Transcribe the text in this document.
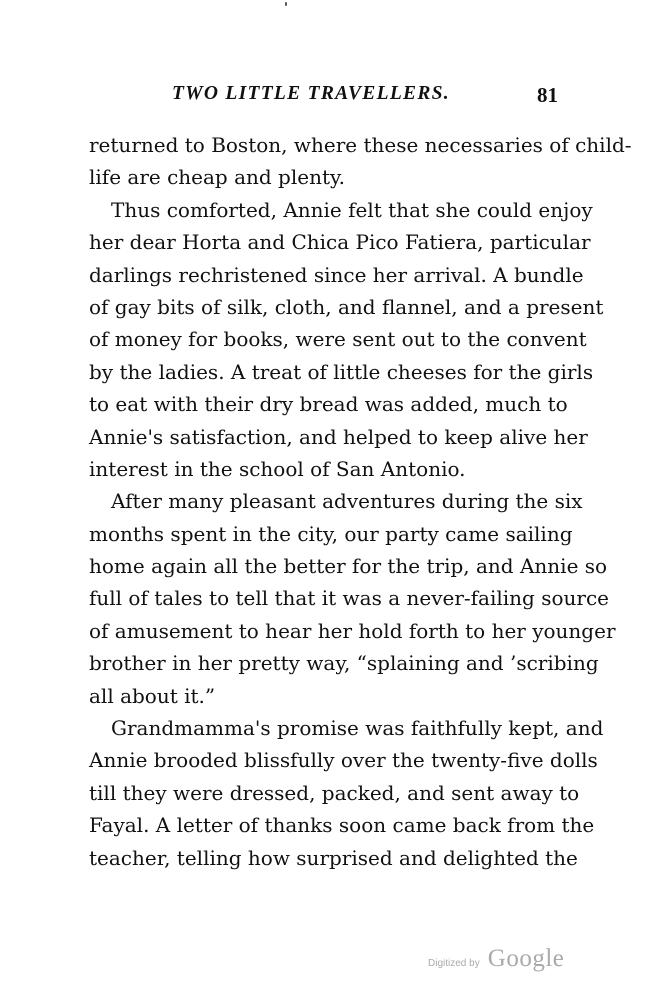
TWO LITTLE TRAVELLERS.	81
returned to Boston, where these necessaries of child-
life are cheap and plenty.
Thus comforted, Annie felt that she could enjoy
her dear Horta and Chica Pico Fatiera, particular
darlings rechristened since her arrival. A bundle
of gay bits of silk, cloth, and flannel, and a present
of money for books, were sent out to the convent
by the ladies. A treat of little cheeses for the girls
to eat with their dry bread was added, much to
Annie's satisfaction, and helped to keep alive her
interest in the school of San Antonio.
After many pleasant adventures during the six
months spent in the city, our party came sailing
home again all the better for the trip, and Annie so
full of tales to tell that it was a never-failing source
of amusement to hear her hold forth to her younger
brother in her pretty way, “splaining and ’scribing
all about it.”
Grandmamma's promise was faithfully kept, and
Annie brooded blissfully over the twenty-five dolls
till they were dressed, packed, and sent away to
Fayal. A letter of thanks soon came back from the
teacher, telling how surprised and delighted the
Digitized by Google
